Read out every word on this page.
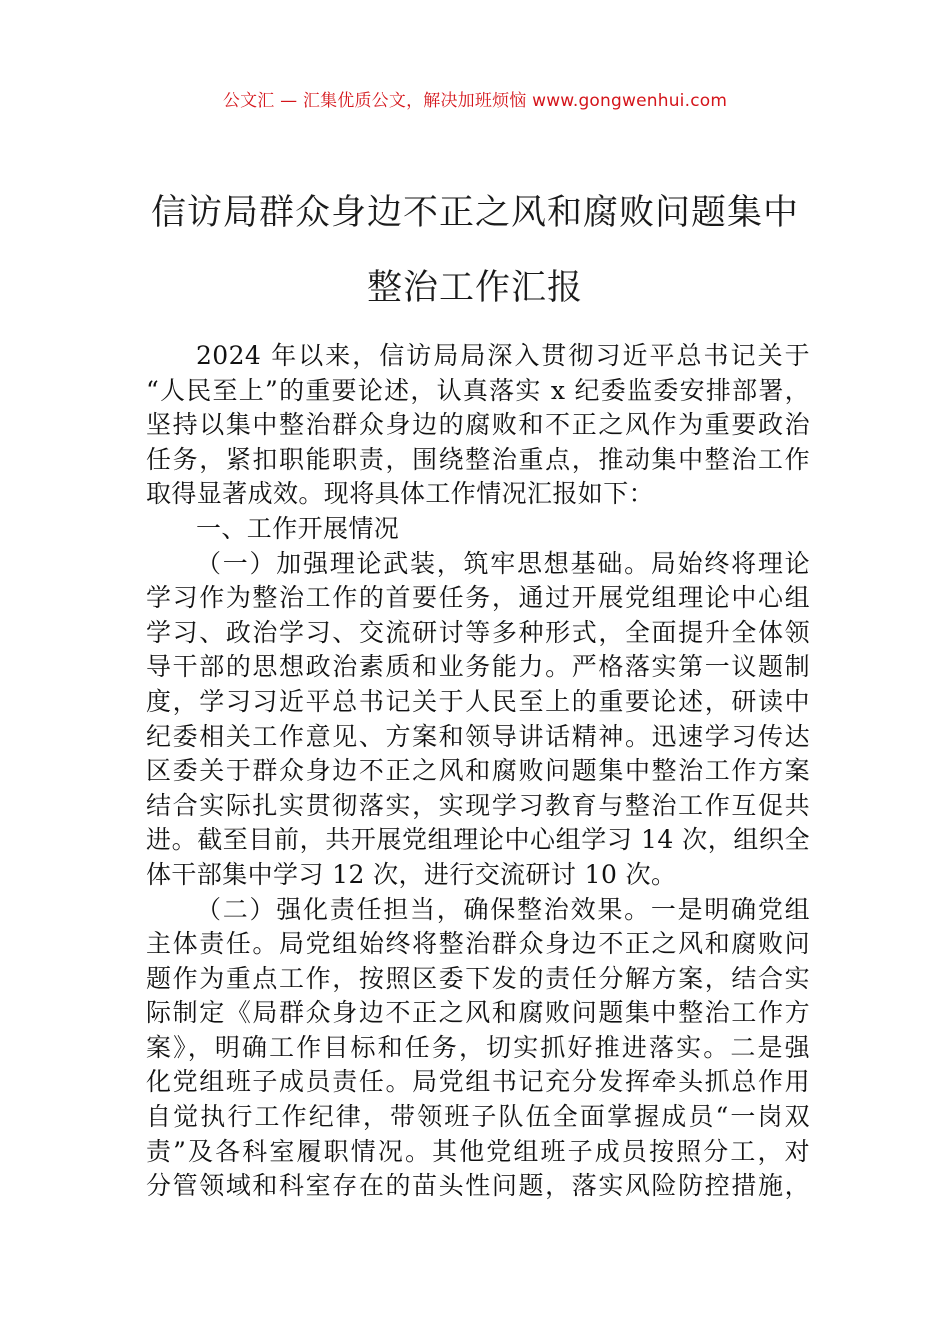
公文汇 — 汇集优质公文，解决加班烦恼 www.gongwenhui.com
信访局群众身边不正之风和腐败问题集中
整治工作汇报
2024 年以来，信访局局深入贯彻习近平总书记关于
“人民至上”的重要论述，认真落实 x 纪委监委安排部署，
坚持以集中整治群众身边的腐败和不正之风作为重要政治
任务，紧扣职能职责，围绕整治重点，推动集中整治工作
取得显著成效。现将具体工作情况汇报如下：
一、工作开展情况
（一）加强理论武装，筑牢思想基础。局始终将理论
学习作为整治工作的首要任务，通过开展党组理论中心组
学习、政治学习、交流研讨等多种形式，全面提升全体领
导干部的思想政治素质和业务能力。严格落实第一议题制
度，学习习近平总书记关于人民至上的重要论述，研读中
纪委相关工作意见、方案和领导讲话精神。迅速学习传达
区委关于群众身边不正之风和腐败问题集中整治工作方案
结合实际扎实贯彻落实，实现学习教育与整治工作互促共
进。截至目前，共开展党组理论中心组学习 14 次，组织全
体干部集中学习 12 次，进行交流研讨 10 次。
（二）强化责任担当，确保整治效果。一是明确党组
主体责任。局党组始终将整治群众身边不正之风和腐败问
题作为重点工作，按照区委下发的责任分解方案，结合实
际制定《局群众身边不正之风和腐败问题集中整治工作方
案》，明确工作目标和任务，切实抓好推进落实。二是强
化党组班子成员责任。局党组书记充分发挥牵头抓总作用
自觉执行工作纪律，带领班子队伍全面掌握成员“一岗双
责”及各科室履职情况。其他党组班子成员按照分工，对
分管领域和科室存在的苗头性问题，落实风险防控措施，
